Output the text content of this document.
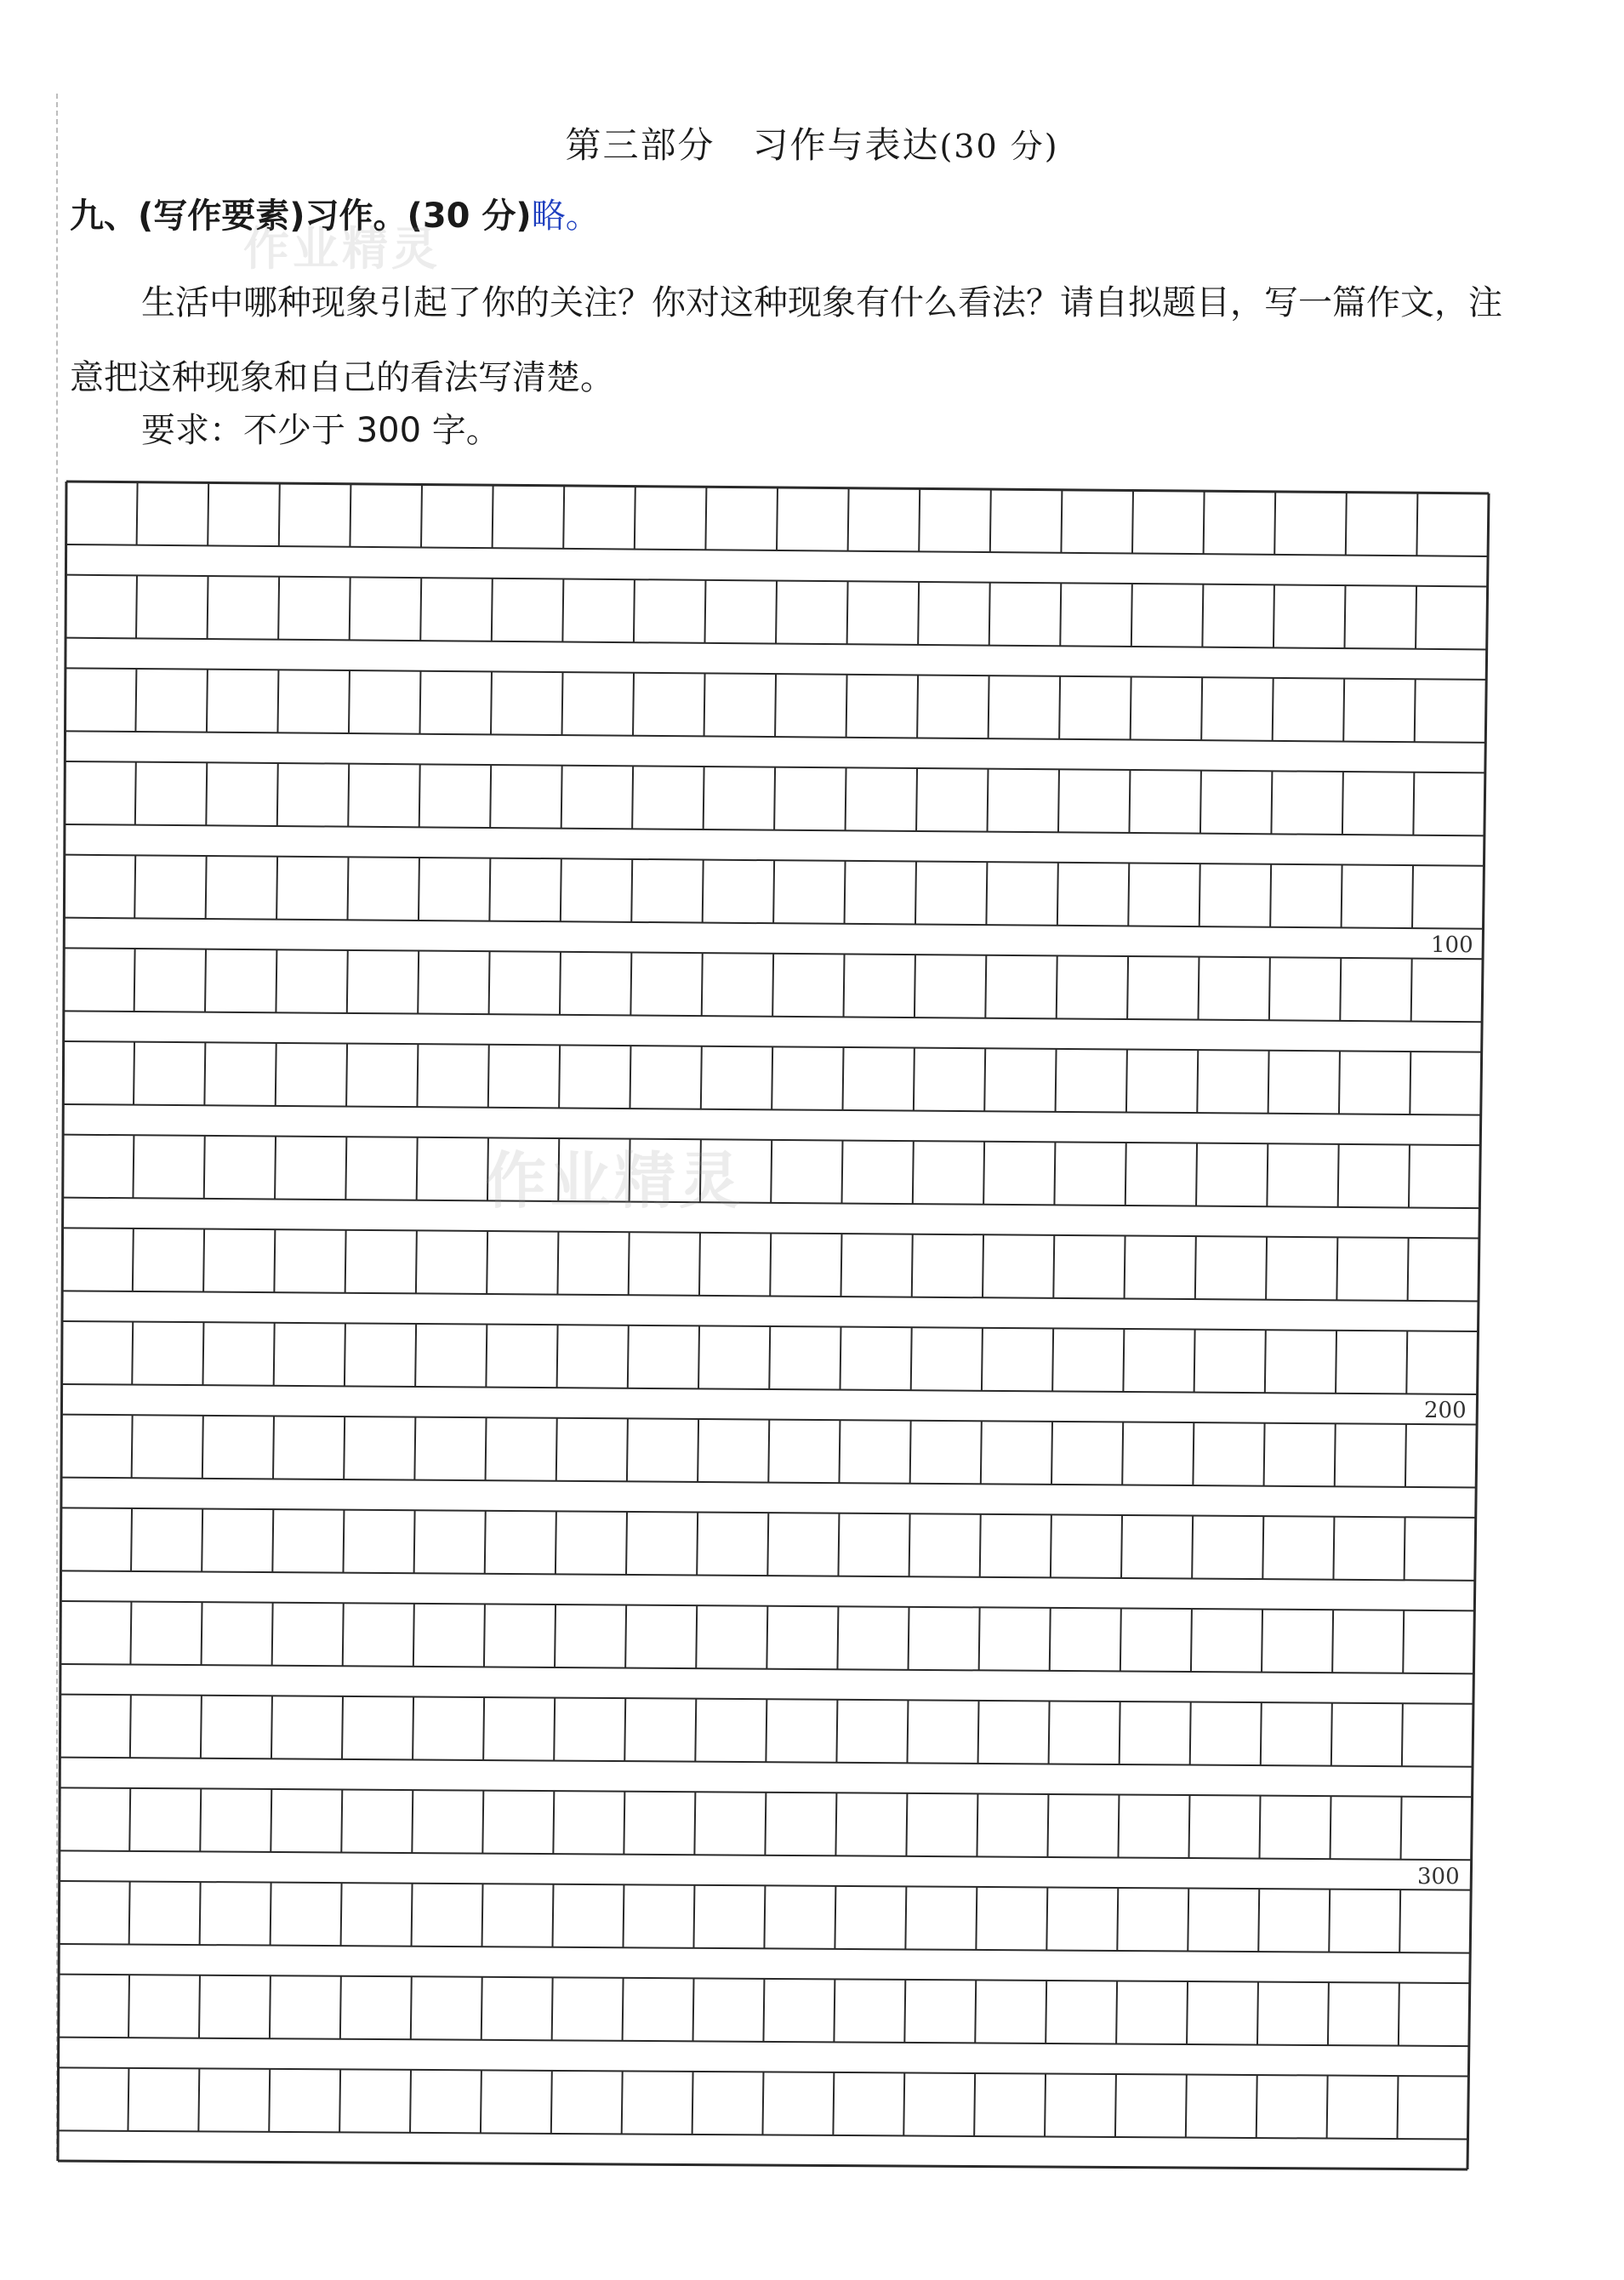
第三部分　习作与表达(30 分)
九、(写作要素)习作。(30 分)略。
生活中哪种现象引起了你的关注？你对这种现象有什么看法？请自拟题目，写一篇作文，注意把这种现象和自己的看法写清楚。
要求：不少于 300 字。
100
200
300
作业精灵
作业精灵
